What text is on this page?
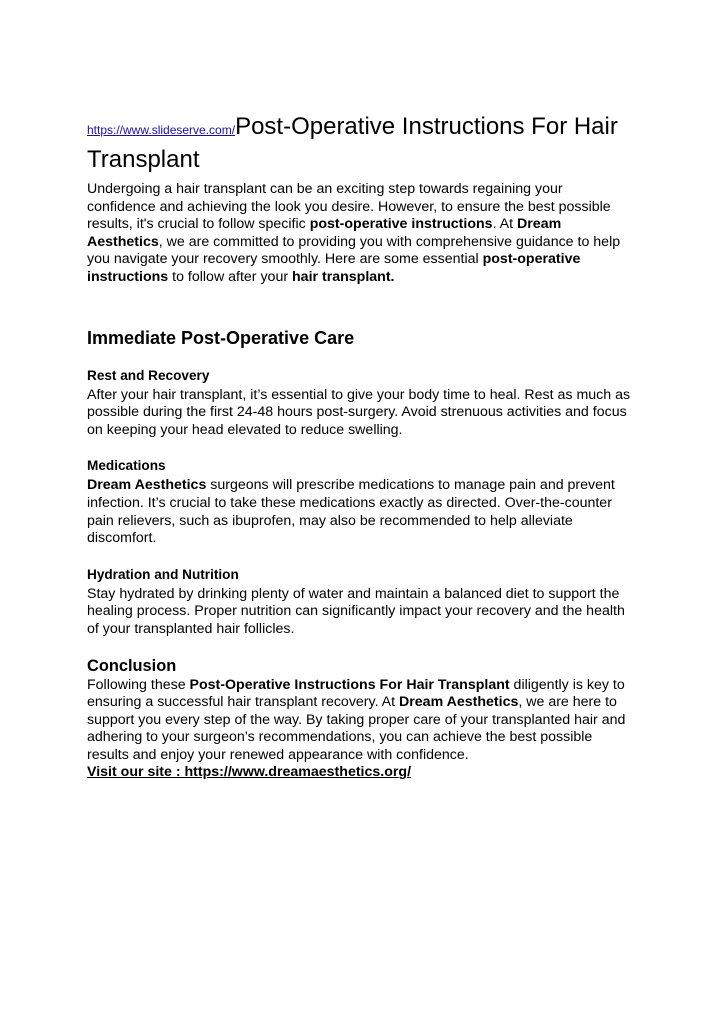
https://www.slideserve.com/Post-Operative Instructions For Hair Transplant

Undergoing a hair transplant can be an exciting step towards regaining your confidence and achieving the look you desire. However, to ensure the best possible results, it's crucial to follow specific post-operative instructions. At Dream Aesthetics, we are committed to providing you with comprehensive guidance to help you navigate your recovery smoothly. Here are some essential post-operative instructions to follow after your hair transplant.

Immediate Post-Operative Care
Rest and Recovery

After your hair transplant, it’s essential to give your body time to heal. Rest as much as possible during the first 24-48 hours post-surgery. Avoid strenuous activities and focus on keeping your head elevated to reduce swelling.

Medications

Dream Aesthetics surgeons will prescribe medications to manage pain and prevent infection. It’s crucial to take these medications exactly as directed. Over-the-counter pain relievers, such as ibuprofen, may also be recommended to help alleviate discomfort.

Hydration and Nutrition

Stay hydrated by drinking plenty of water and maintain a balanced diet to support the healing process. Proper nutrition can significantly impact your recovery and the health of your transplanted hair follicles.

Conclusion

Following these Post-Operative Instructions For Hair Transplant diligently is key to ensuring a successful hair transplant recovery. At Dream Aesthetics, we are here to support you every step of the way. By taking proper care of your transplanted hair and adhering to your surgeon’s recommendations, you can achieve the best possible results and enjoy your renewed appearance with confidence.

Visit our site : https://www.dreamaesthetics.org/
